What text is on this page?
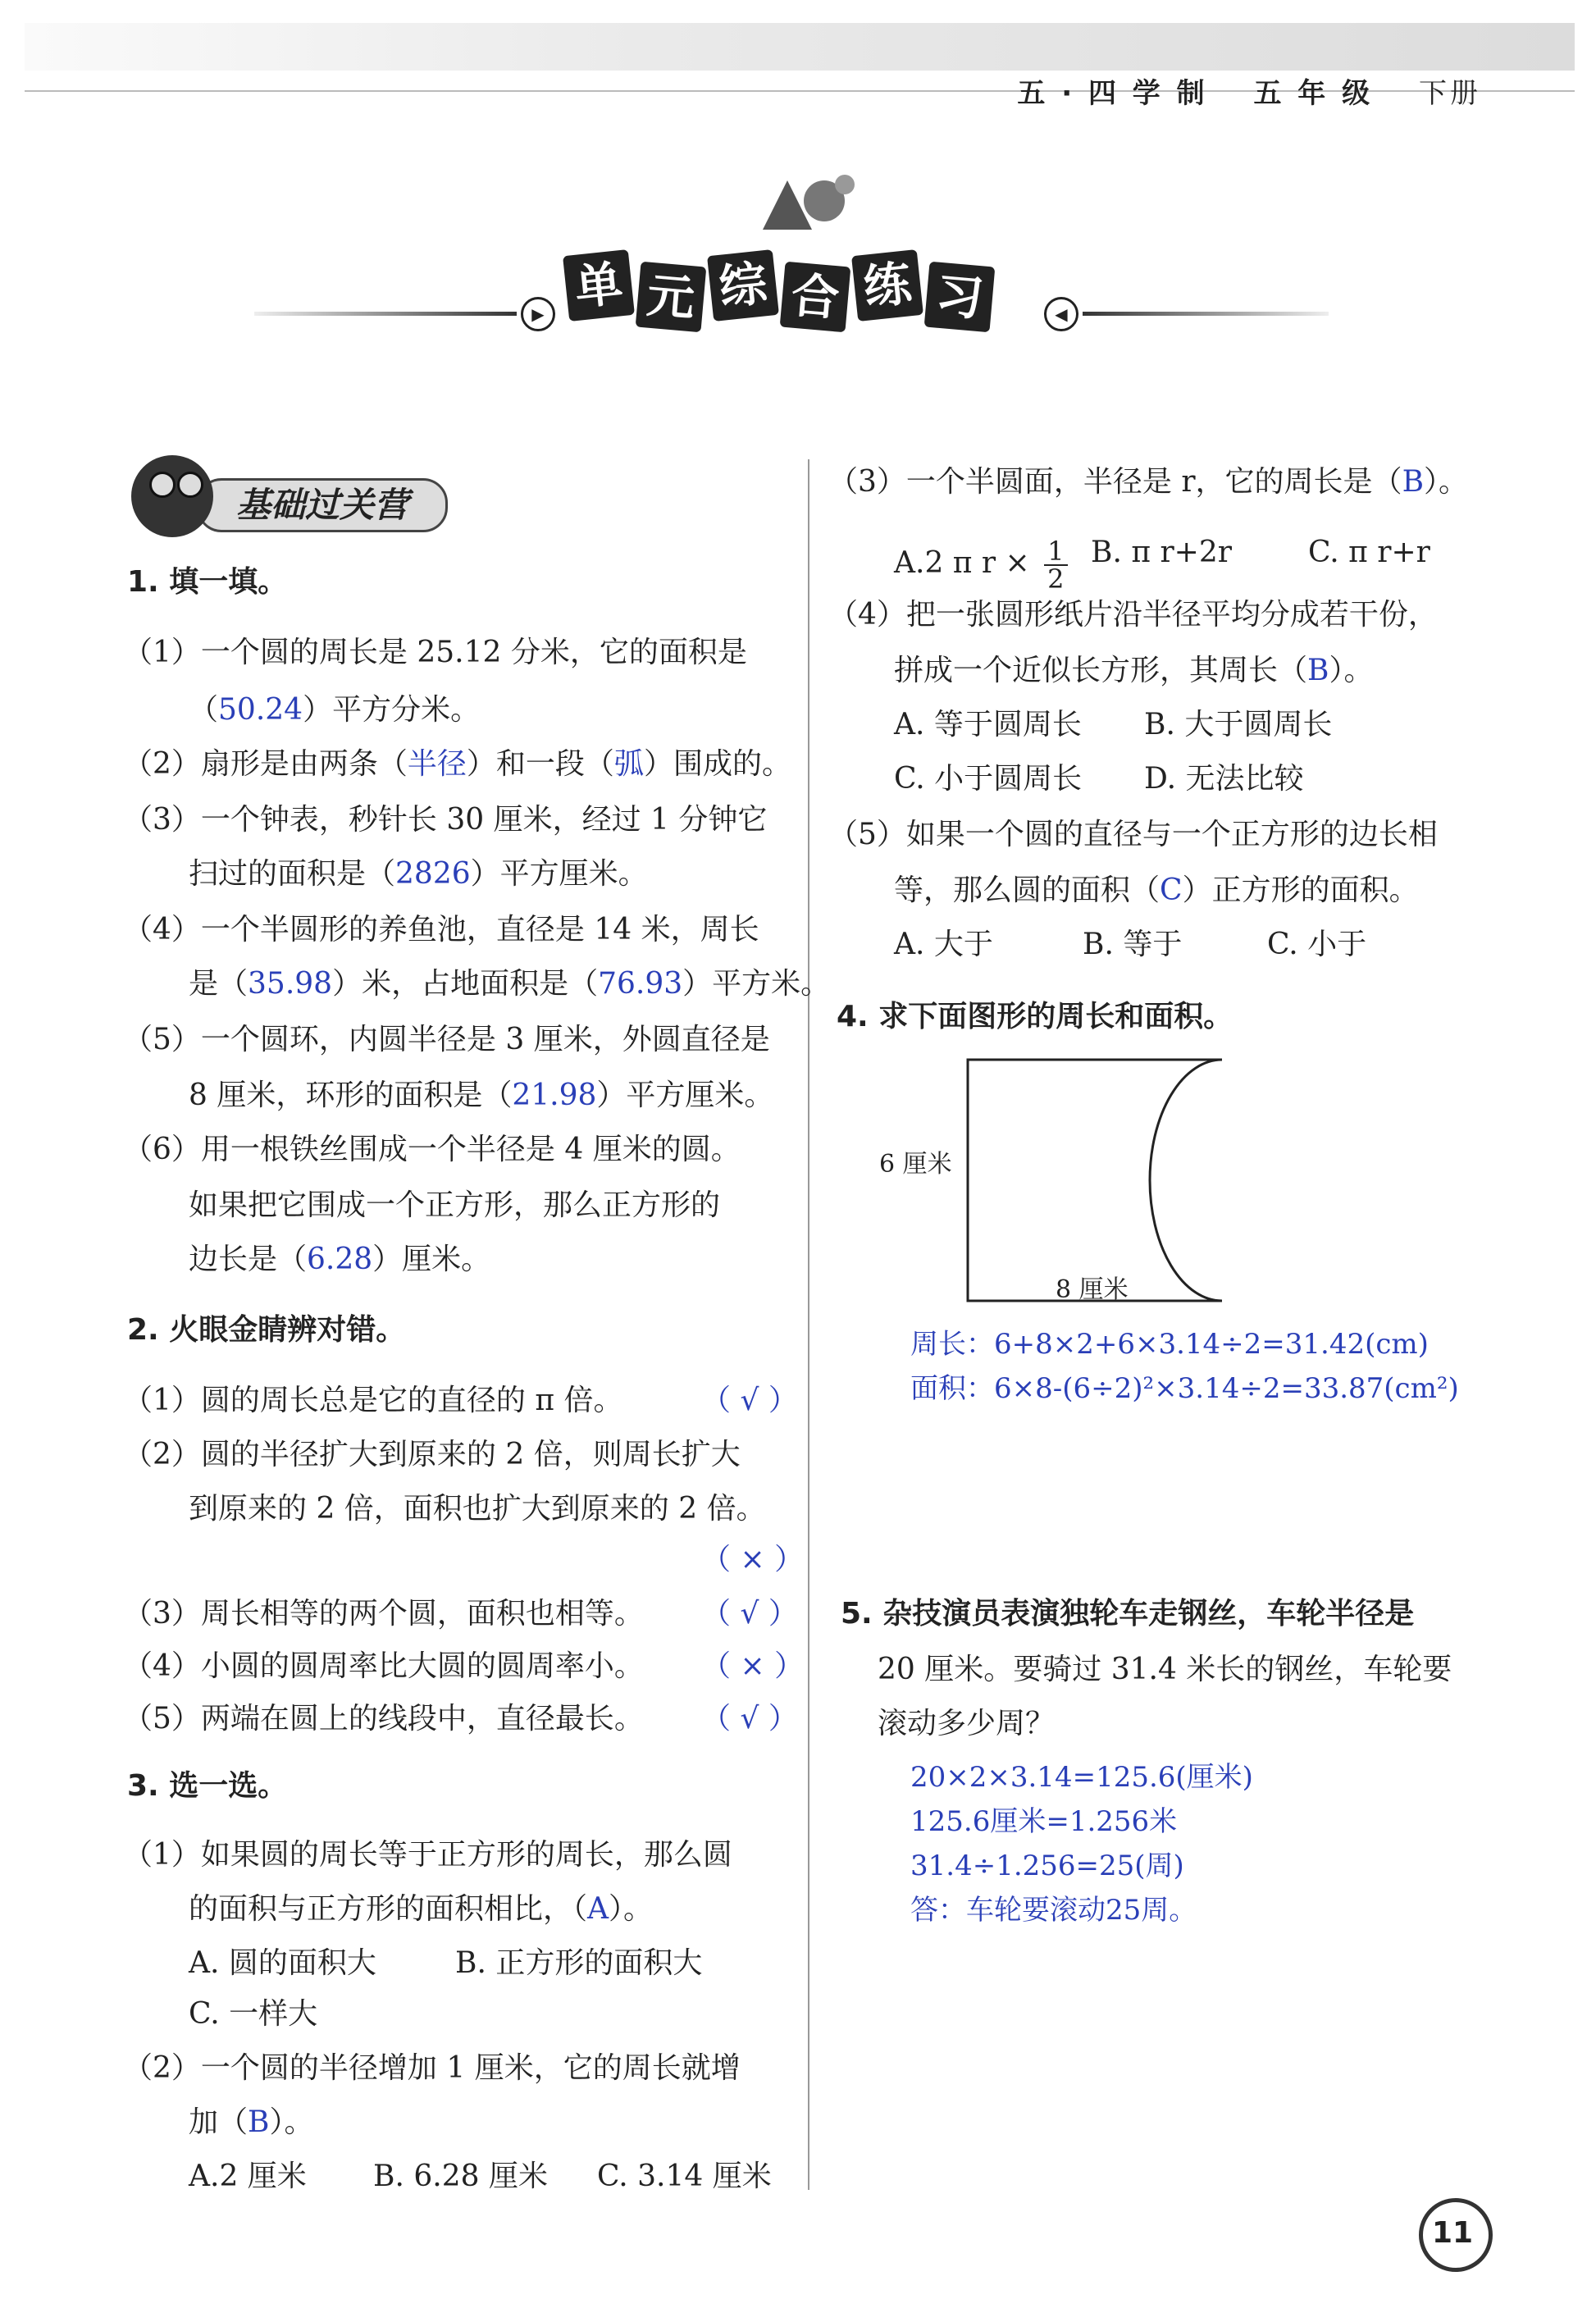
五 · 四 学 制 五 年 级 下册
▶ 单 元 综 合 练 习	◀
基础过关营
1. 填一填。
（1）一个圆的周长是 25.12 分米，它的面积是
（50.24）平方分米。
（2）扇形是由两条（半径）和一段（弧）围成的。
（3）一个钟表，秒针长 30 厘米，经过 1 分钟它
扫过的面积是（2826）平方厘米。
（4）一个半圆形的养鱼池，直径是 14 米，周长
是（35.98）米，占地面积是（76.93）平方米。
（5）一个圆环，内圆半径是 3 厘米，外圆直径是
8 厘米，环形的面积是（21.98）平方厘米。
（6）用一根铁丝围成一个半径是 4 厘米的圆。
如果把它围成一个正方形，那么正方形的
边长是（6.28）厘米。
2. 火眼金睛辨对错。
（1）圆的周长总是它的直径的 π 倍。	（ √ ）
（2）圆的半径扩大到原来的 2 倍，则周长扩大
到原来的 2 倍，面积也扩大到原来的 2 倍。
（ × ）
（3）周长相等的两个圆，面积也相等。 （ √ ）
（4）小圆的圆周率比大圆的圆周率小。 （ × ）
（5）两端在圆上的线段中，直径最长。 （ √ ）
3. 选一选。
（1）如果圆的周长等于正方形的周长，那么圆
的面积与正方形的面积相比，（A）。
A. 圆的面积大	B. 正方形的面积大
C. 一样大
（2）一个圆的半径增加 1 厘米，它的周长就增
加（B）。
A.2 厘米 B. 6.28 厘米 C. 3.14 厘米
（3）一个半圆面，半径是 r，它的周长是（B）。
A.2 π $r \times \frac{1}{2} B$. π r+2r	C. π r+r
（4）把一张圆形纸片沿半径平均分成若干份，
拼成一个近似长方形，其周长（B）。
A. 等于圆周长 B. 大于圆周长
C. 小于圆周长 D. 无法比较
（5）如果一个圆的直径与一个正方形的边长相
等，那么圆的面积（C）正方形的面积。
A. 大于	B. 等于	C. 小于
4. 求下面图形的周长和面积。
6 厘米
8 厘米
周长：6+8×2+6×3.14÷2=31.42(cm)
面积：6×8-(6÷2)²×3.14÷2=33.87(cm²)
5. 杂技演员表演独轮车走钢丝，车轮半径是
20 厘米。要骑过 31.4 米长的钢丝，车轮要
滚动多少周？
20×2×3.14=125.6(厘米)
125.6厘米=1.256米
31.4÷1.256=25(周)
答：车轮要滚动25周。
11
